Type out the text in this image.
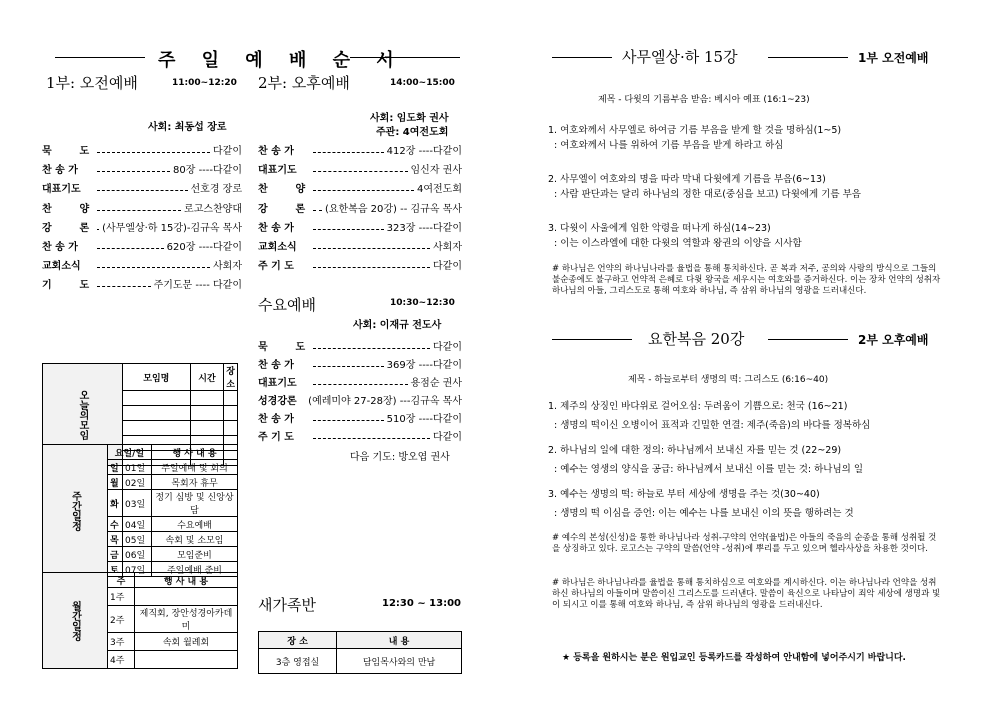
주 일 예 배 순 서
1부: 오전예배	11:00~12:20 2부: 오후예배	14:00~15:00
사회: 최동섭 장로
사회: 임도화 권사
주관: 4여전도회
묵        도	다같이
찬 송 가	80장 ----다같이
대표기도	선호경 장로
찬        양	로고스찬양대
강        론	(사무엘상·하 15강)-김규옥 목사
찬 송 가	620장 ----다같이
교회소식	사회자
기        도	주기도문 ---- 다같이
찬 송 가	412장 ----다같이
대표기도	임신자 권사
찬        양	4여전도회
강        론	(요한복음 20강) -- 김규옥 목사
찬 송 가	323장 ----다같이
교회소식	사회자
주 기 도	다같이
수요예배	10:30~12:30
사회: 이재규 전도사
묵        도	다같이
찬 송 가	369장 ----다같이
대표기도	용점순 권사
성경강론	(예레미야 27-28장) ---김규옥 목사
찬 송 가	510장 ----다같이
주 기 도	다같이
다음 기도: 방오엽 권사
오늘의모임	모임명	시간	장소

주간일정	요일/일		행 사 내 용
	일	01일	주일예배 및 회의
	월	02일	목회자 휴무
	화	03일	정기 심방 및 신앙상담
	수	04일	수요예배
	목	05일	속회 및 소모임
	금	06일	모임준비
	토	07일	주일예배 준비
월간일정	주	행 사 내 용
	1주	
	2주	제직회, 장안성경아카데미
	3주	속회 월례회
	4주	
새가족반	12:30 ~ 13:00
장 소	내 용
3층 영접실	담임목사와의 만남
사무엘상·하 15강	1부 오전예배
제목 - 다윗의 기름부음 받음: 베시아 예표 (16:1~23)
1. 여호와께서 사무엘로 하여금 기름 부음을 받게 할 것을 명하심(1~5)
: 여호와께서 나를 위하여 기름 부음을 받게 하라고 하심
2. 사무엘이 여호와의 명을 따라 막내 다윗에게 기름을 부음(6~13)
: 사람 판단과는 달리 하나님의 정한 대로(중심을 보고) 다윗에게 기름 부음
3. 다윗이 사울에게 임한 악령을 떠나게 하심(14~23)
: 이는 이스라엘에 대한 다윗의 역할과 왕권의 이양을 시사함
# 하나님은 언약의 하나님나라를 율법을 통해 통치하신다. 곧 복과 저주, 공의와 사랑의 방식으로 그들의 불순종에도 불구하고 언약적 은혜로 다윗 왕국을 세우시는 여호와를 증거하신다. 이는 장차 언약의 성취자 하나님의 아들, 그리스도로 통해 여호와 하나님, 즉 삼위 하나님의 영광을 드러내신다.
요한복음 20강	2부 오후예배
제목 - 하늘로부터 생명의 떡: 그리스도 (6:16~40)
1. 제주의 상징인 바다위로 걸어오심: 두려움이 기쁨으로: 천국 (16~21)
: 생명의 떡이신 오병이어 표적과 긴밀한 연결: 제주(죽음)의 바다를 정복하심
2. 하나님의 일에 대한 정의: 하나님께서 보내신 자를 믿는 것 (22~29)
: 예수는 영생의 양식을 공급: 하나님께서 보내신 이를 믿는 것: 하나님의 일
3. 예수는 생명의 떡: 하늘로 부터 세상에 생명을 주는 것(30~40)
: 생명의 떡 이심을 증언: 이는 예수는 나를 보내신 이의 뜻을 행하려는 것
# 예수의 본성(신성)을 통한 하나님나라 성취-구약의 언약(율법)은 아들의 죽음의 순종을 통해 성취될 것을 상징하고 있다. 로고스는 구약의 말씀(언약 -성취)에 뿌리를 두고 있으며 헬라사상을 차용한 것이다.
# 하나님은 하나님나라를 율법을 통해 통치하심으로 여호와를 계시하신다. 이는 하나님나라 언약을 성취하신 하나님의 아들이며 말씀이신 그리스도를 드러낸다. 말씀이 육신으로 나타남이 죄악 세상에 생명과 빛이 되시고 이를 통해 여호와 하나님, 즉 삼위 하나님의 영광을 드러내신다.
★ 등록을 원하시는 분은 원입교인 등록카드를 작성하여 안내함에 넣어주시기 바랍니다.
